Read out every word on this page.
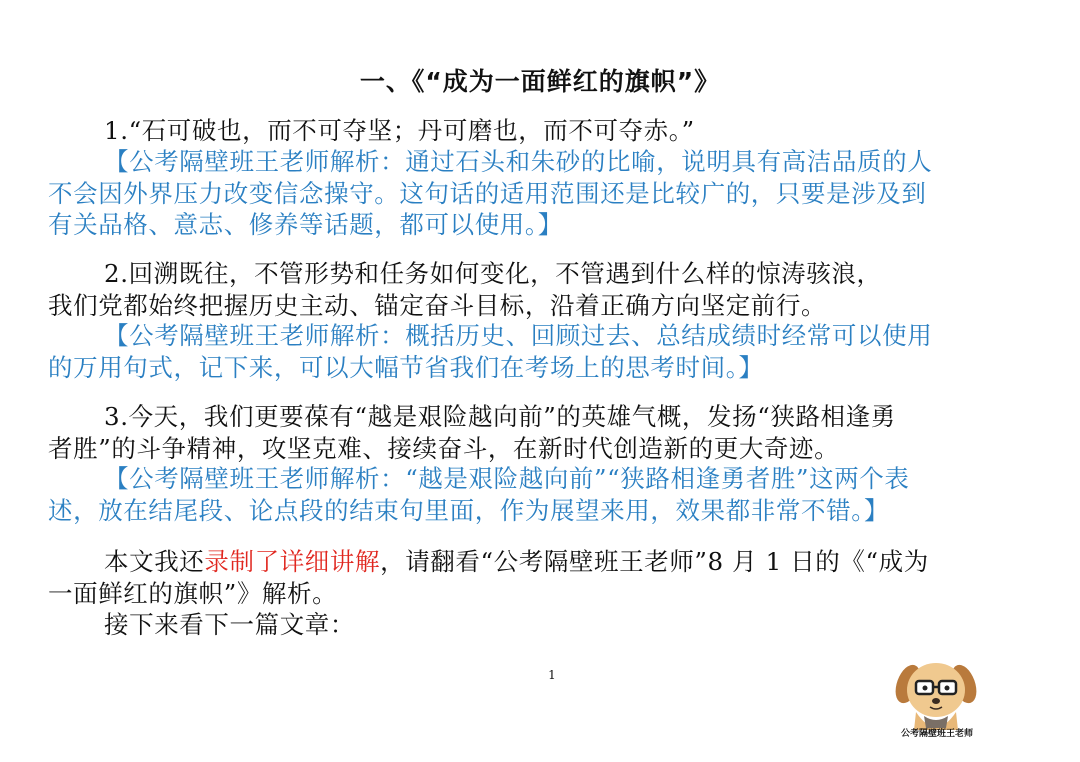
一、《“成为一面鲜红的旗帜”》
1.“石可破也，而不可夺坚；丹可磨也，而不可夺赤。”
【公考隔壁班王老师解析：通过石头和朱砂的比喻，说明具有高洁品质的人
不会因外界压力改变信念操守。这句话的适用范围还是比较广的，只要是涉及到
有关品格、意志、修养等话题，都可以使用。】
2.回溯既往，不管形势和任务如何变化，不管遇到什么样的惊涛骇浪，
我们党都始终把握历史主动、锚定奋斗目标，沿着正确方向坚定前行。
【公考隔壁班王老师解析：概括历史、回顾过去、总结成绩时经常可以使用
的万用句式，记下来，可以大幅节省我们在考场上的思考时间。】
3.今天，我们更要葆有“越是艰险越向前”的英雄气概，发扬“狭路相逢勇
者胜”的斗争精神，攻坚克难、接续奋斗，在新时代创造新的更大奇迹。
【公考隔壁班王老师解析：“越是艰险越向前”“狭路相逢勇者胜”这两个表
述，放在结尾段、论点段的结束句里面，作为展望来用，效果都非常不错。】
本文我还录制了详细讲解，请翻看“公考隔壁班王老师”8 月 1 日的《“成为
一面鲜红的旗帜”》解析。
接下来看下一篇文章：
1
公考隔壁班王老师
